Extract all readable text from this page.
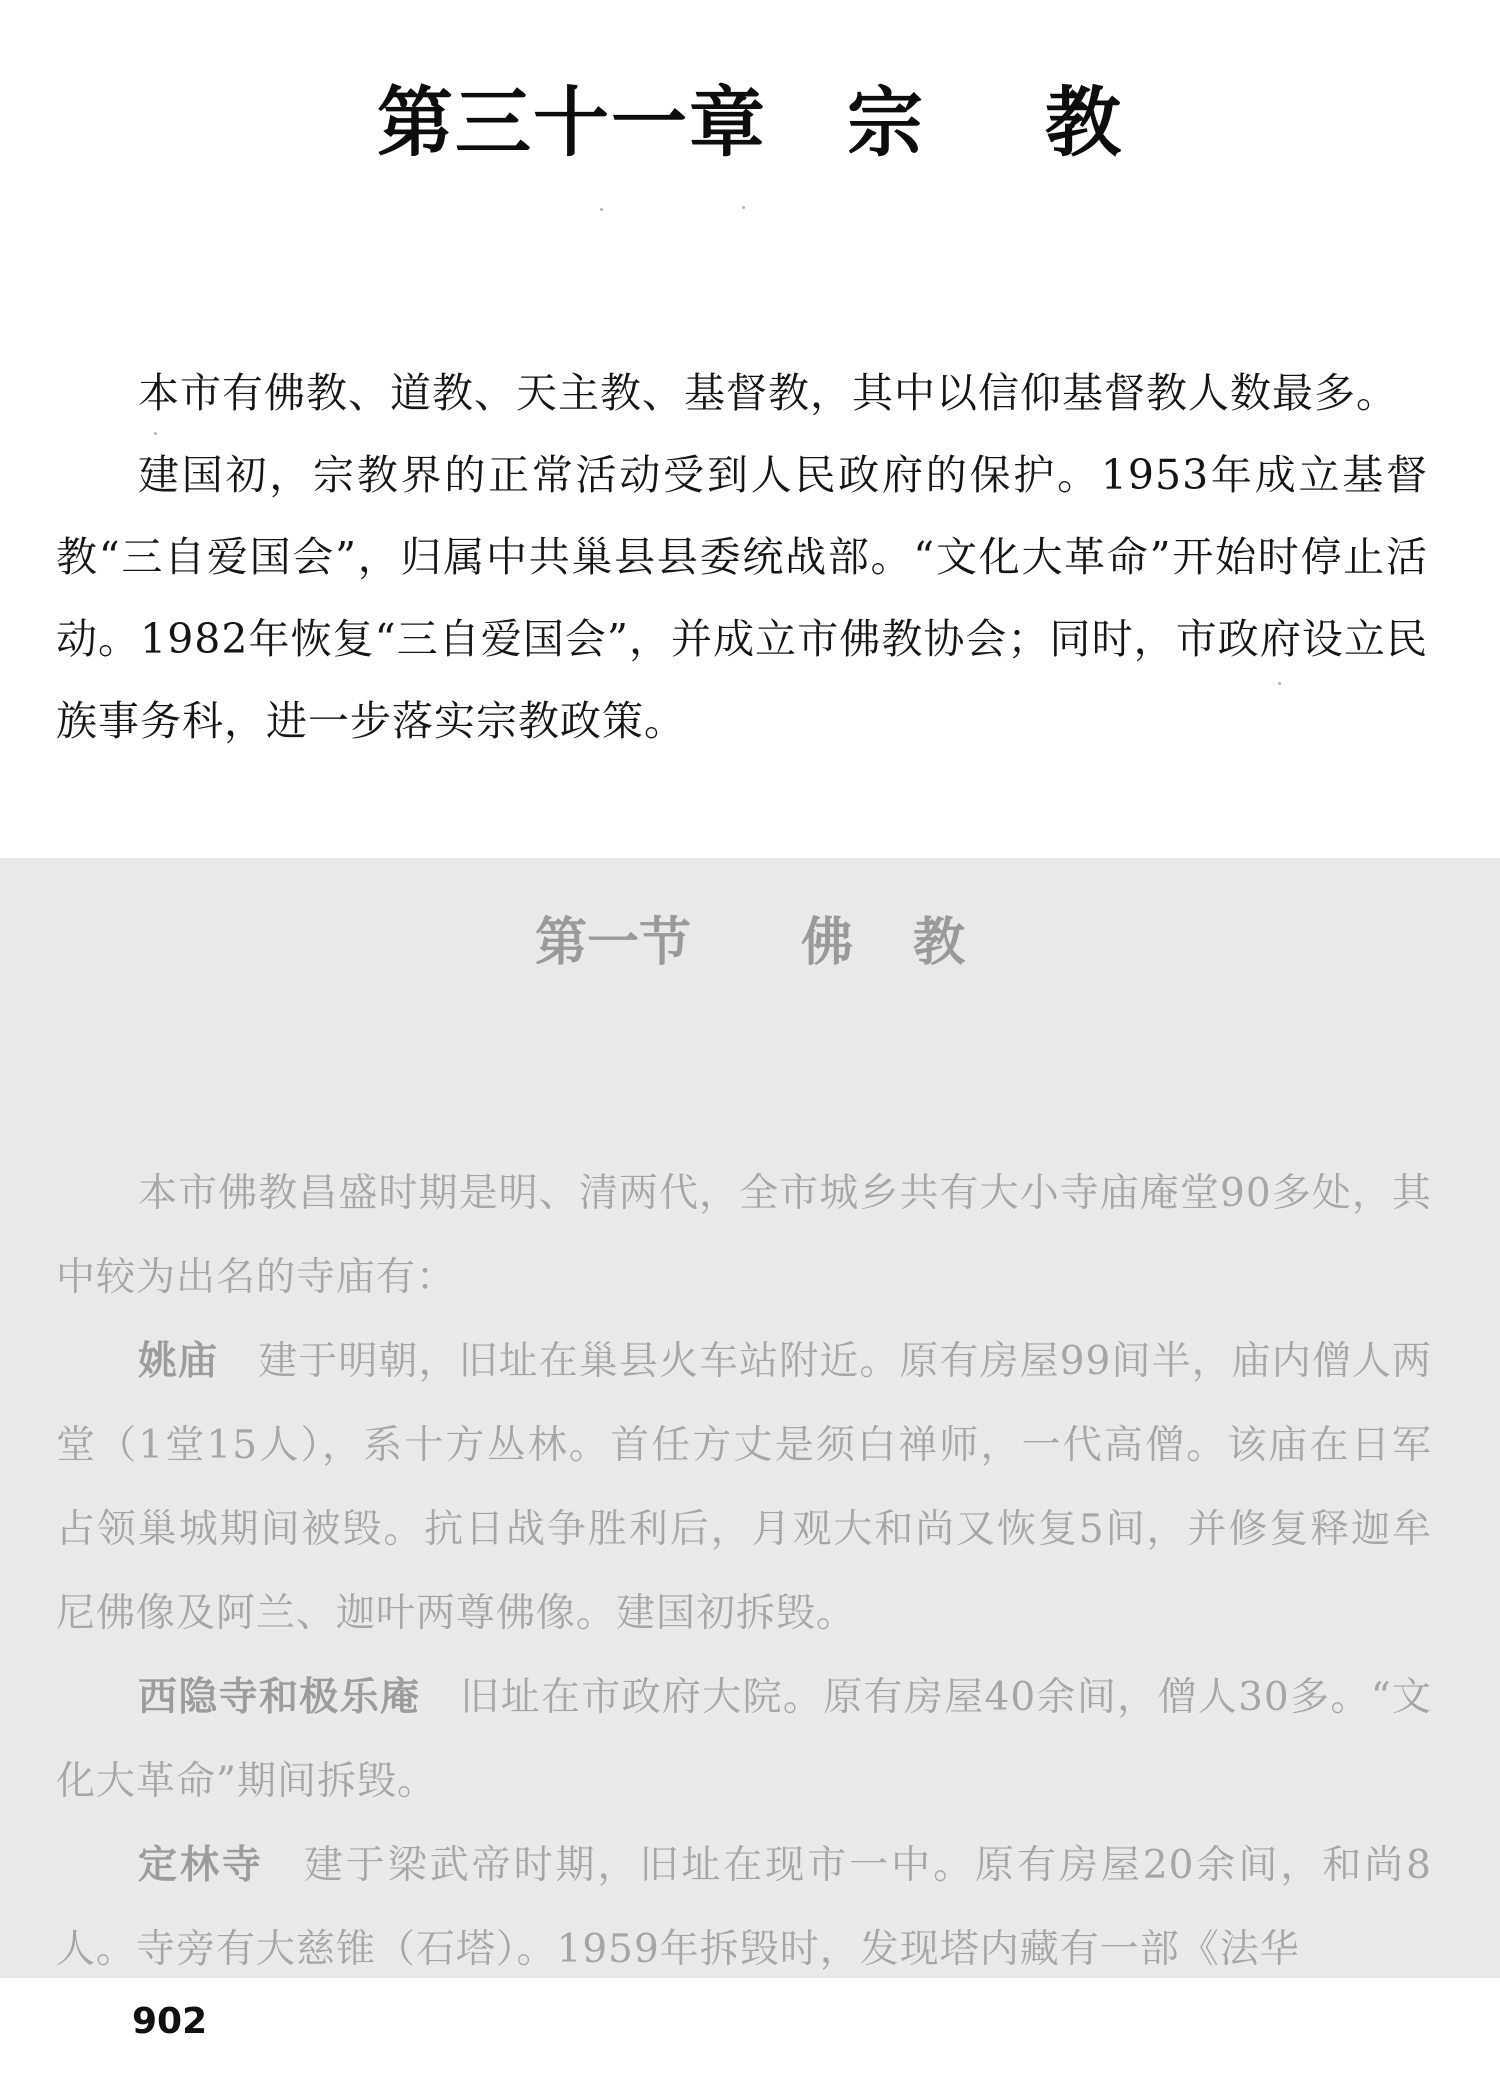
第三十一章 宗 教

本市有佛教、道教、天主教、基督教，其中以信仰基督教人数最多。

建国初，宗教界的正常活动受到人民政府的保护。1953年成立基督教“三自爱国会”，归属中共巢县县委统战部。“文化大革命”开始时停止活动。1982年恢复“三自爱国会”，并成立市佛教协会；同时，市政府设立民族事务科，进一步落实宗教政策。

第一节 佛 教

本市佛教昌盛时期是明、清两代，全市城乡共有大小寺庙庵堂90多处，其中较为出名的寺庙有：

姚庙 建于明朝，旧址在巢县火车站附近。原有房屋99间半，庙内僧人两堂（1堂15人），系十方丛林。首任方丈是须白禅师，一代高僧。该庙在日军占领巢城期间被毁。抗日战争胜利后，月观大和尚又恢复5间，并修复释迦牟尼佛像及阿兰、迦叶两尊佛像。建国初拆毁。

西隐寺和极乐庵 旧址在市政府大院。原有房屋40余间，僧人30多。“文化大革命”期间拆毁。

定林寺 建于梁武帝时期，旧址在现市一中。原有房屋20余间，和尚8人。寺旁有大慈锥（石塔）。1959年拆毁时，发现塔内藏有一部《法华

902
